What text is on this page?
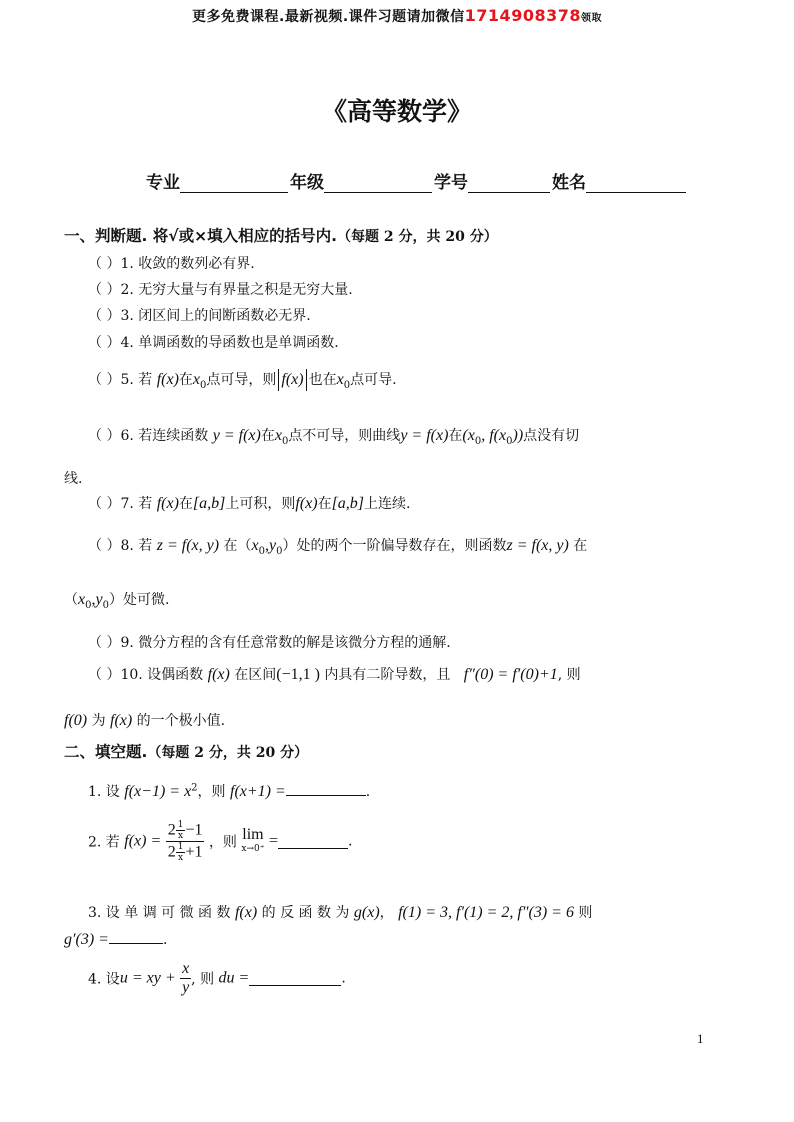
更多免费课程.最新视频.课件习题请加微信1714908378领取
《高等数学》
专业	年级	学号	姓名
一、判断题. 将√或×填入相应的括号内.（每题 2 分，共 20 分）
（ ）1. 收敛的数列必有界.
（ ）2. 无穷大量与有界量之积是无穷大量.
（ ）3. 闭区间上的间断函数必无界.
（ ）4. 单调函数的导函数也是单调函数.
（ ）5. 若 f(x)在$x_0$点可导，则 f(x) 也在$x_0$点可导.
（ ）6. 若连续函数 y = f(x)在$x_0$点不可导，则曲线y = f(x)在($x_0$, $f(x_0)$)点没有切
线.
（ ）7. 若 f(x)在[a,b]上可积，则f(x)在[a,b]上连续.
（ ）8. 若 z = f(x, y) 在$(x_0,y_0)$处的两个一阶偏导数存在，则函数z = f(x, y) 在
$(x_0,y_0)$处可微.
（ ）9. 微分方程的含有任意常数的解是该微分方程的通解.
（ ）10. 设偶函数 f(x) 在区间(−1,1 ) 内具有二阶导数，且 f″(0) = f′(0)+1, 则
f(0) 为 f(x) 的一个极小值.
二、填空题.（每题 2 分，共 20 分）
1. 设 $f(x-1) = x^2$，则 f(x+1) =	.
2. 若 $f(x) = \frac{2 \frac{1}{x} -1}{2 \frac{1}{x} +1}$ ，则 lim
x→0⁺ =	.
3. 设 单 调 可 微 函 数 f(x) 的 反 函 数 为 g(x)， f(1) = 3, f′(1) = 2, f″(3) = 6 则
g′(3) =	.
4. 设u = xy + $\frac{x}{y}$ , 则 du =	.
1
